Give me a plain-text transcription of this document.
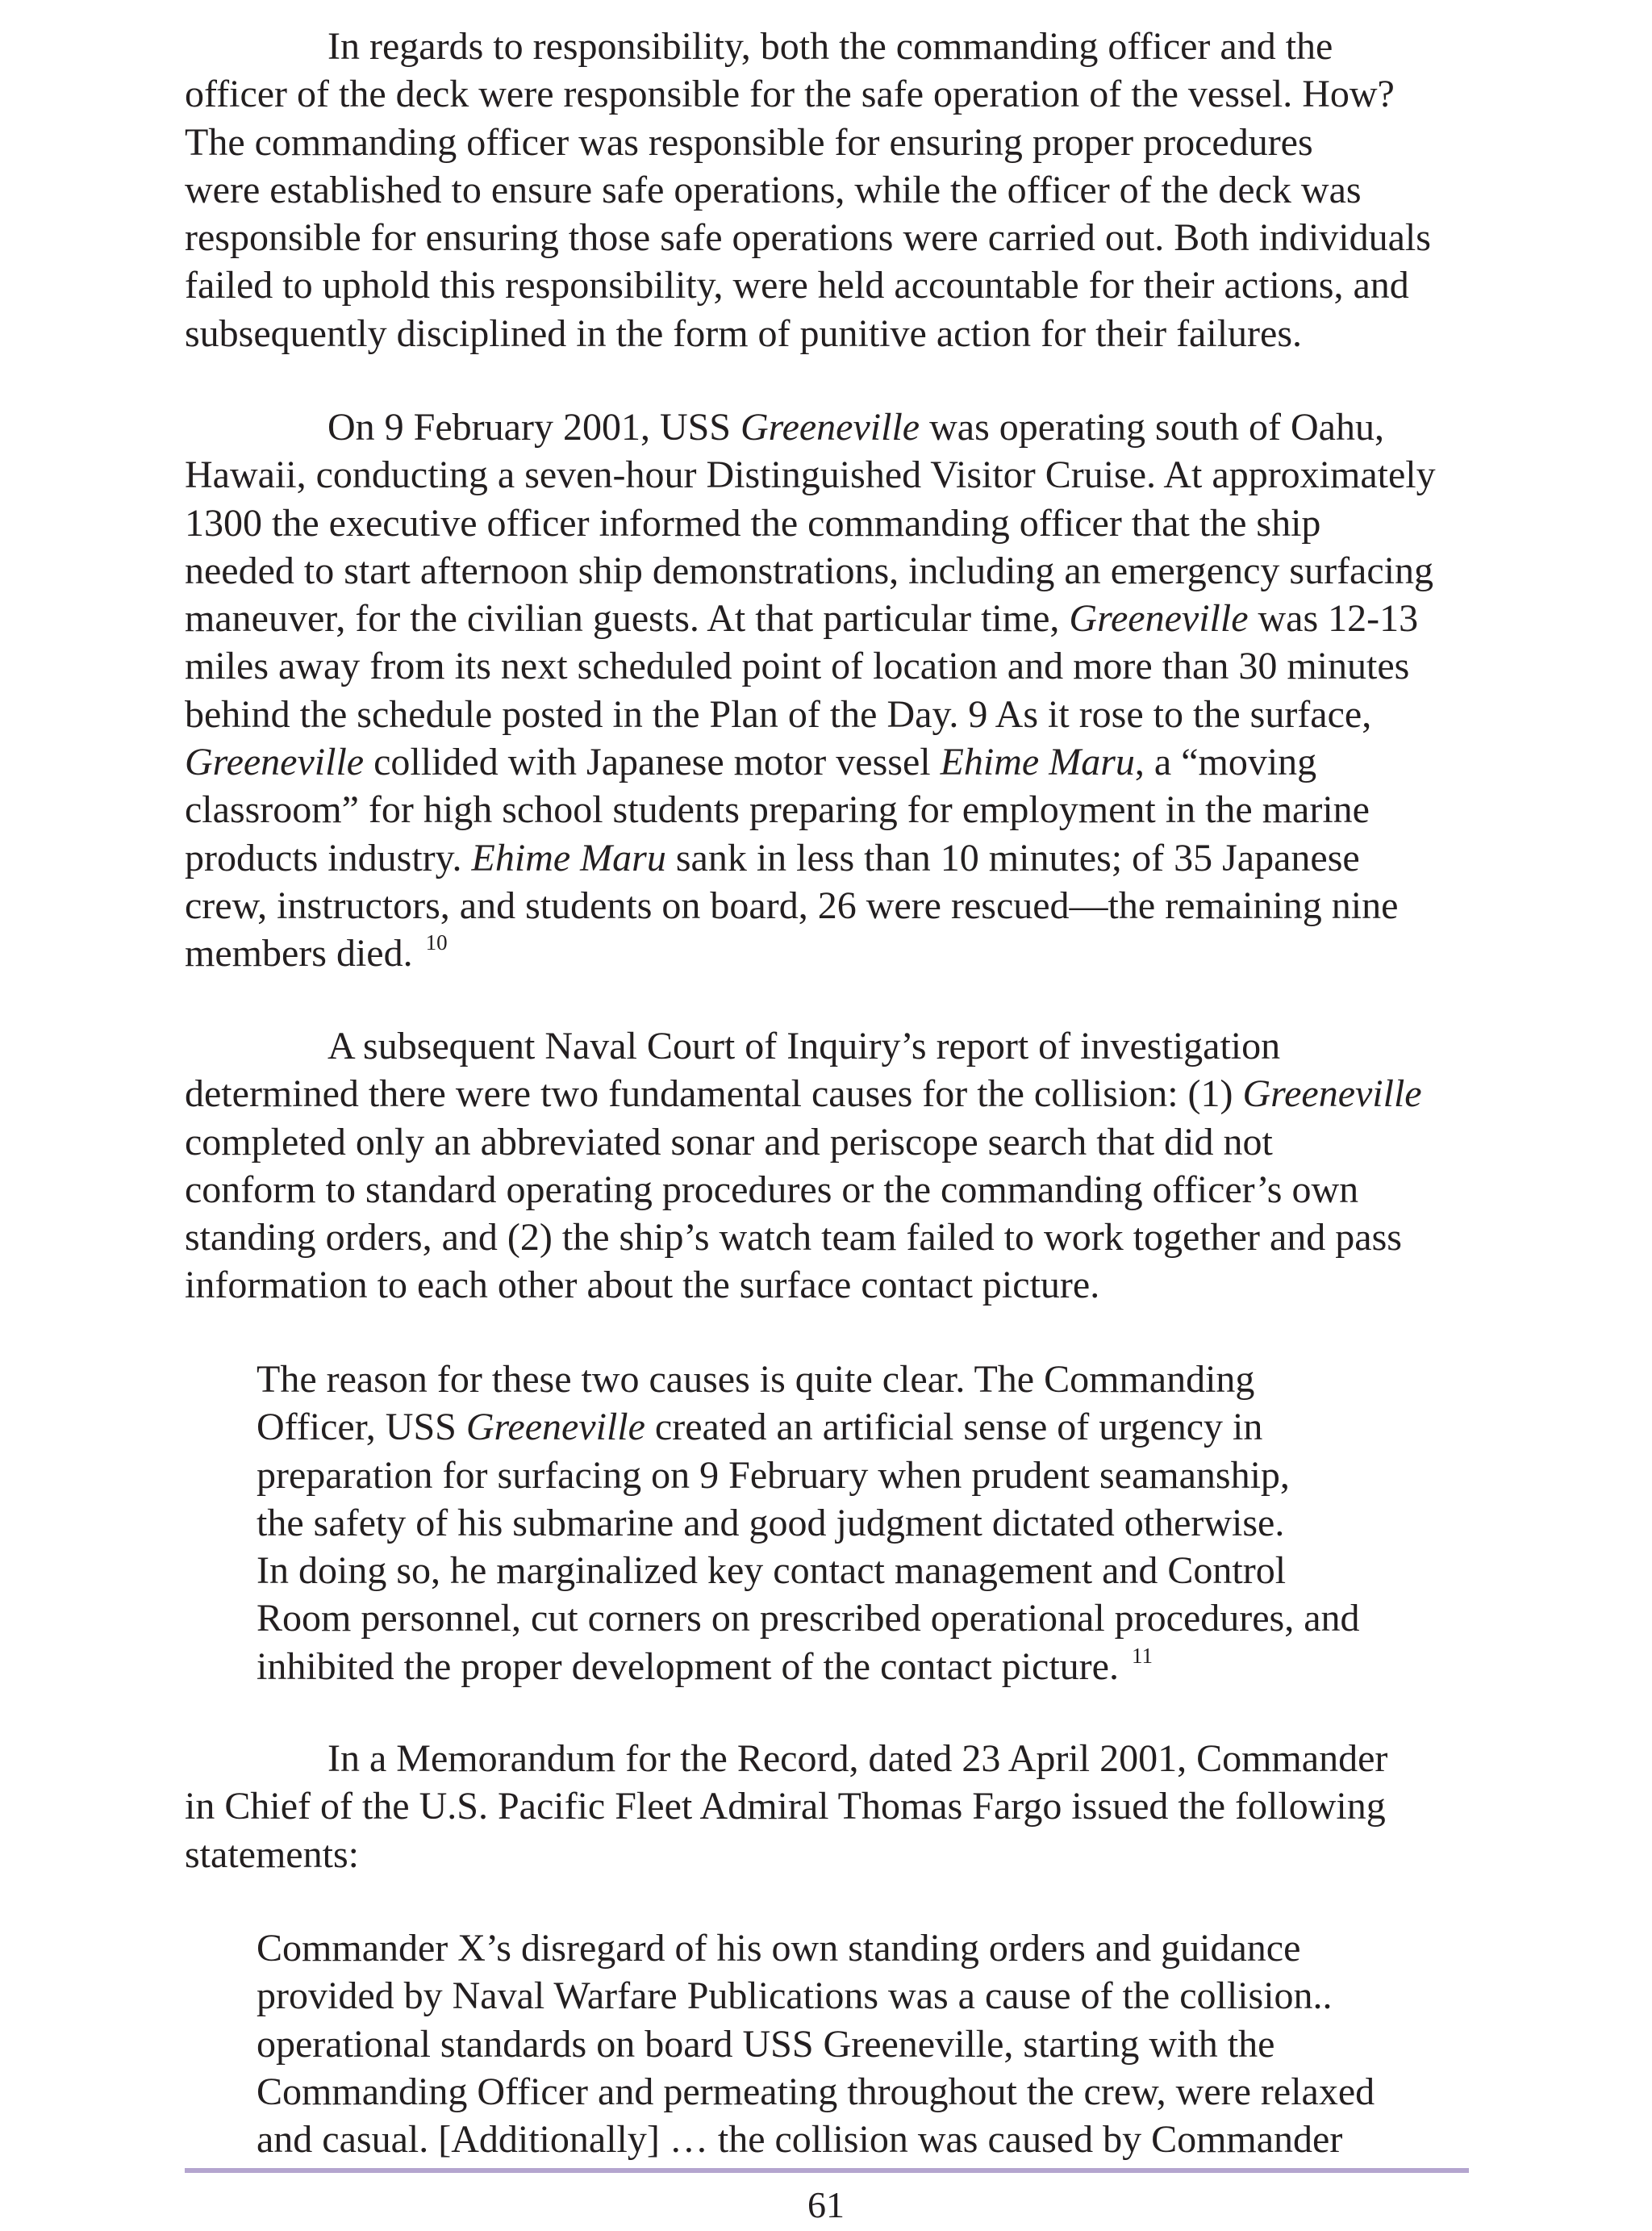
In regards to responsibility, both the commanding officer and the
officer of the deck were responsible for the safe operation of the vessel. How?
The commanding officer was responsible for ensuring proper procedures
were established to ensure safe operations, while the officer of the deck was
responsible for ensuring those safe operations were carried out. Both individuals
failed to uphold this responsibility, were held accountable for their actions, and
subsequently disciplined in the form of punitive action for their failures.

On 9 February 2001, USS Greeneville was operating south of Oahu,
Hawaii, conducting a seven-hour Distinguished Visitor Cruise. At approximately
1300 the executive officer informed the commanding officer that the ship
needed to start afternoon ship demonstrations, including an emergency surfacing
maneuver, for the civilian guests. At that particular time, Greeneville was 12-13
miles away from its next scheduled point of location and more than 30 minutes
behind the schedule posted in the Plan of the Day. 9 As it rose to the surface,
Greeneville collided with Japanese motor vessel Ehime Maru, a “moving
classroom” for high school students preparing for employment in the marine
products industry. Ehime Maru sank in less than 10 minutes; of 35 Japanese
crew, instructors, and students on board, 26 were rescued—the remaining nine
members died. $^{10}$

A subsequent Naval Court of Inquiry’s report of investigation
determined there were two fundamental causes for the collision: (1) Greeneville
completed only an abbreviated sonar and periscope search that did not
conform to standard operating procedures or the commanding officer’s own
standing orders, and (2) the ship’s watch team failed to work together and pass
information to each other about the surface contact picture.

The reason for these two causes is quite clear. The Commanding
Officer, USS Greeneville created an artificial sense of urgency in
preparation for surfacing on 9 February when prudent seamanship,
the safety of his submarine and good judgment dictated otherwise.
In doing so, he marginalized key contact management and Control
Room personnel, cut corners on prescribed operational procedures, and
inhibited the proper development of the contact picture. $^{11}$

In a Memorandum for the Record, dated 23 April 2001, Commander
in Chief of the U.S. Pacific Fleet Admiral Thomas Fargo issued the following
statements:

Commander X’s disregard of his own standing orders and guidance
provided by Naval Warfare Publications was a cause of the collision..
operational standards on board USS Greeneville, starting with the
Commanding Officer and permeating throughout the crew, were relaxed
and casual. [Additionally] … the collision was caused by Commander

61
